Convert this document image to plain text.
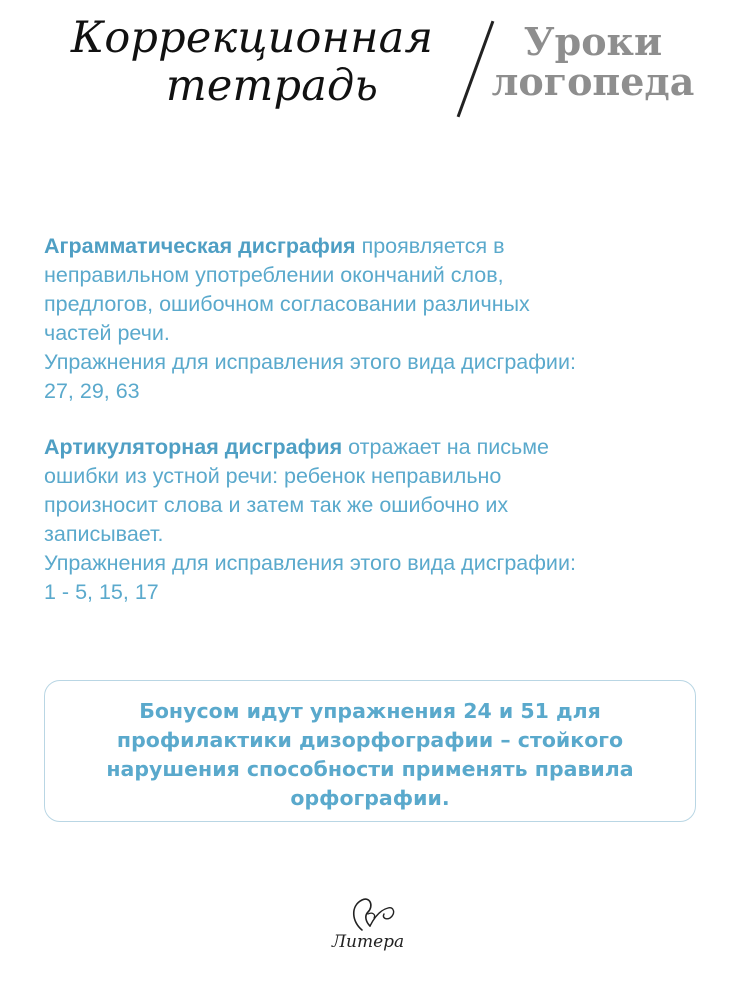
Коррекционная
тетрадь
Уроки
логопеда
Аграмматическая дисграфия проявляется в
неправильном употреблении окончаний слов,
предлогов, ошибочном согласовании различных
частей речи.
Упражнения для исправления этого вида дисграфии:
27, 29, 63
Артикуляторная дисграфия отражает на письме
ошибки из устной речи: ребенок неправильно
произносит слова и затем так же ошибочно их
записывает.
Упражнения для исправления этого вида дисграфии:
1 - 5, 15, 17
Бонусом идут упражнения 24 и 51 для
профилактики дизорфографии – стойкого
нарушения способности применять правила
орфографии.
Литера
